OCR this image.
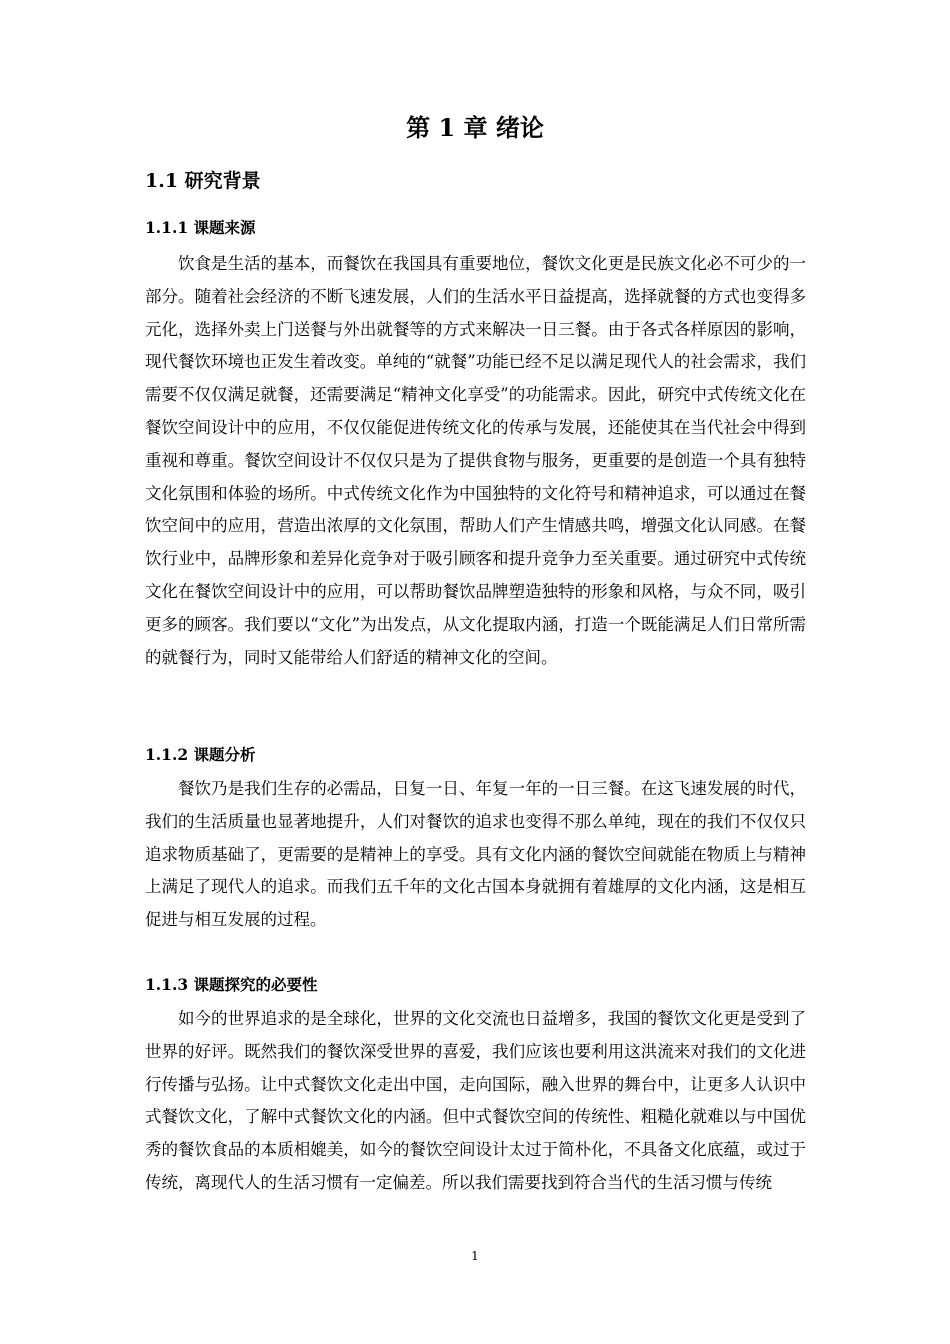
第 1 章 绪论
1.1 研究背景
1.1.1 课题来源

饮食是生活的基本，而餐饮在我国具有重要地位，餐饮文化更是民族文化必不可少的一部分。随着社会经济的不断飞速发展，人们的生活水平日益提高，选择就餐的方式也变得多元化，选择外卖上门送餐与外出就餐等的方式来解决一日三餐。由于各式各样原因的影响，现代餐饮环境也正发生着改变。单纯的“就餐”功能已经不足以满足现代人的社会需求，我们需要不仅仅满足就餐，还需要满足“精神文化享受”的功能需求。因此，研究中式传统文化在餐饮空间设计中的应用，不仅仅能促进传统文化的传承与发展，还能使其在当代社会中得到重视和尊重。餐饮空间设计不仅仅只是为了提供食物与服务，更重要的是创造一个具有独特文化氛围和体验的场所。中式传统文化作为中国独特的文化符号和精神追求，可以通过在餐饮空间中的应用，营造出浓厚的文化氛围，帮助人们产生情感共鸣，增强文化认同感。在餐饮行业中，品牌形象和差异化竞争对于吸引顾客和提升竞争力至关重要。通过研究中式传统文化在餐饮空间设计中的应用，可以帮助餐饮品牌塑造独特的形象和风格，与众不同，吸引更多的顾客。我们要以“文化”为出发点，从文化提取内涵，打造一个既能满足人们日常所需的就餐行为，同时又能带给人们舒适的精神文化的空间。

1.1.2 课题分析

餐饮乃是我们生存的必需品，日复一日、年复一年的一日三餐。在这飞速发展的时代，我们的生活质量也显著地提升，人们对餐饮的追求也变得不那么单纯，现在的我们不仅仅只追求物质基础了，更需要的是精神上的享受。具有文化内涵的餐饮空间就能在物质上与精神上满足了现代人的追求。而我们五千年的文化古国本身就拥有着雄厚的文化内涵，这是相互促进与相互发展的过程。

1.1.3 课题探究的必要性

如今的世界追求的是全球化，世界的文化交流也日益增多，我国的餐饮文化更是受到了世界的好评。既然我们的餐饮深受世界的喜爱，我们应该也要利用这洪流来对我们的文化进行传播与弘扬。让中式餐饮文化走出中国，走向国际，融入世界的舞台中，让更多人认识中式餐饮文化，了解中式餐饮文化的内涵。但中式餐饮空间的传统性、粗糙化就难以与中国优秀的餐饮食品的本质相媲美，如今的餐饮空间设计太过于简朴化，不具备文化底蕴，或过于传统，离现代人的生活习惯有一定偏差。所以我们需要找到符合当代的生活习惯与传统

1
